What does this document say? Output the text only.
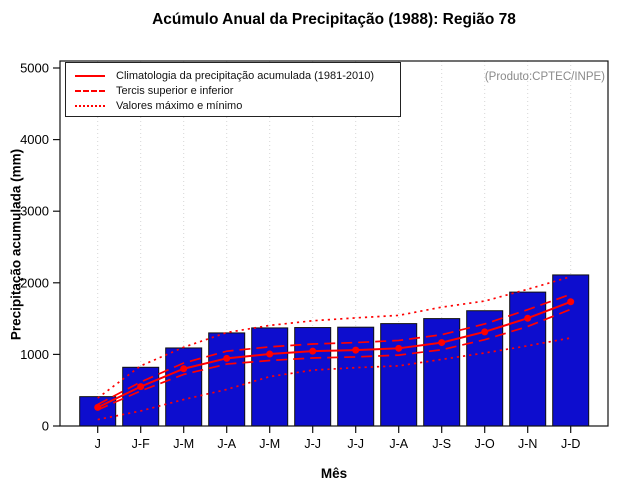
Acúmulo Anual da Precipitação (1988): Região 78
Precipitação acumulada (mm)
0
1000
2000
3000
4000
5000
J J-F J-M J-A J-M J-J J-J J-A J-S J-O J-N J-D
Climatologia da precipitação acumulada (1981-2010)
Tercis superior e inferior
Valores máximo e mínimo
(Produto:CPTEC/INPE)
Mês
